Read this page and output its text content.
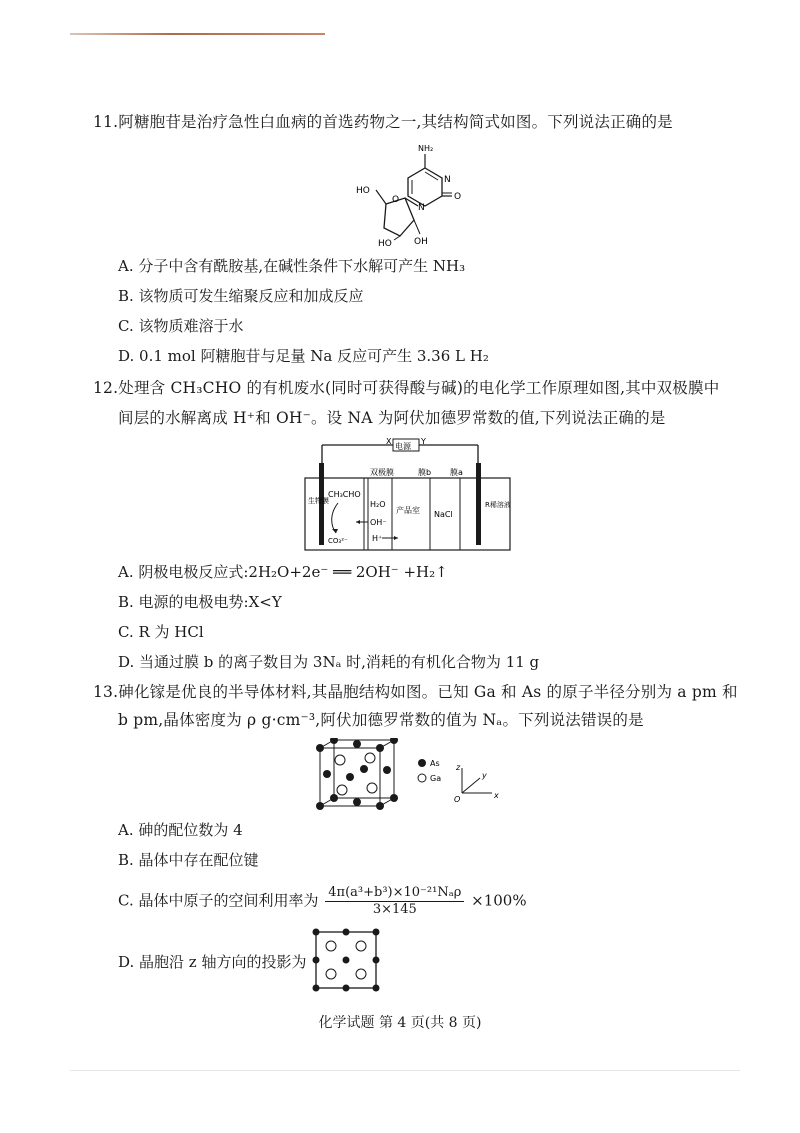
11.阿糖胞苷是治疗急性白血病的首选药物之一,其结构简式如图。下列说法正确的是
NH₂
N
O
N
O
HO
HO OH
A. 分子中含有酰胺基,在碱性条件下水解可产生 NH₃
B. 该物质可发生缩聚反应和加成反应
C. 该物质难溶于水
D. 0.1 mol 阿糖胞苷与足量 Na 反应可产生 3.36 L H₂
12.处理含 CH₃CHO 的有机废水(同时可获得酸与碱)的电化学工作原理如图,其中双极膜中
间层的水解离成 H⁺和 OH⁻。设 NA 为阿伏加德罗常数的值,下列说法正确的是
电源
X	Y
双极膜	膜b 膜a
生物膜
CH₃CHO
CO₃²⁻
H₂O
OH⁻
H⁺
产品室 NaCl
R稀溶液
A. 阴极电极反应式:2H₂O+2e⁻ ══ 2OH⁻ +H₂↑
B. 电源的电极电势:X<Y
C. R 为 HCl
D. 当通过膜 b 的离子数目为 3Nₐ 时,消耗的有机化合物为 11 g
13.砷化镓是优良的半导体材料,其晶胞结构如图。已知 Ga 和 As 的原子半径分别为 a pm 和
b pm,晶体密度为 ρ g·cm⁻³,阿伏加德罗常数的值为 Nₐ。下列说法错误的是
As
Ga
z
y
x
O
A. 砷的配位数为 4
B. 晶体中存在配位键
C. 晶体中原子的空间利用率为 $\frac{\text{4π(a³+b³)×10⁻²¹Nₐρ}}{3\times 145} \times 100\%$
D. 晶胞沿 z 轴方向的投影为
化学试题 第 4 页(共 8 页)
